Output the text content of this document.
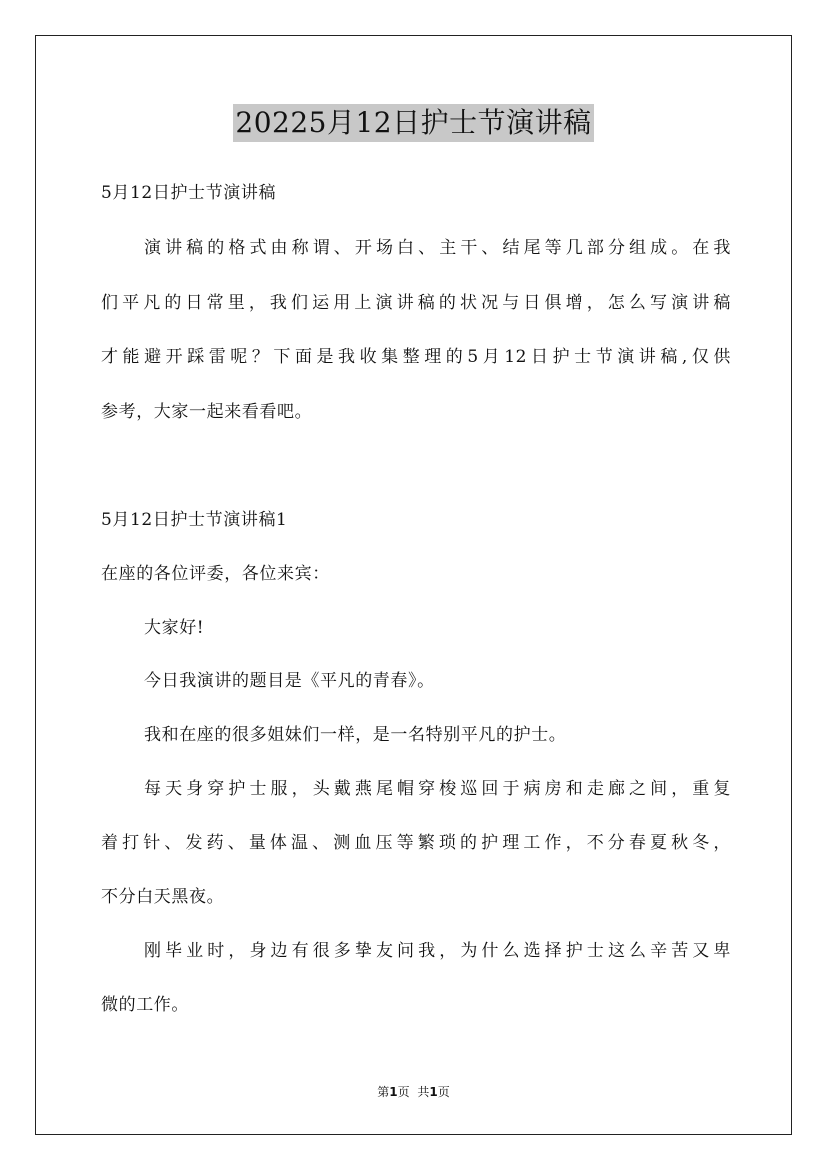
20225月12日护士节演讲稿
5月12日护士节演讲稿
演讲稿的格式由称谓、开场白、主干、结尾等几部分组成。在我
们平凡的日常里，我们运用上演讲稿的状况与日俱增，怎么写演讲稿
才能避开踩雷呢？下面是我收集整理的5月12日护士节演讲稿,仅供
参考，大家一起来看看吧。
5月12日护士节演讲稿1
在座的各位评委，各位来宾：
大家好!
今日我演讲的题目是《平凡的青春》。
我和在座的很多姐妹们一样，是一名特别平凡的护士。
每天身穿护士服，头戴燕尾帽穿梭巡回于病房和走廊之间，重复
着打针、发药、量体温、测血压等繁琐的护理工作，不分春夏秋冬，
不分白天黑夜。
刚毕业时，身边有很多挚友问我，为什么选择护士这么辛苦又卑
微的工作。
第1页 共1页
